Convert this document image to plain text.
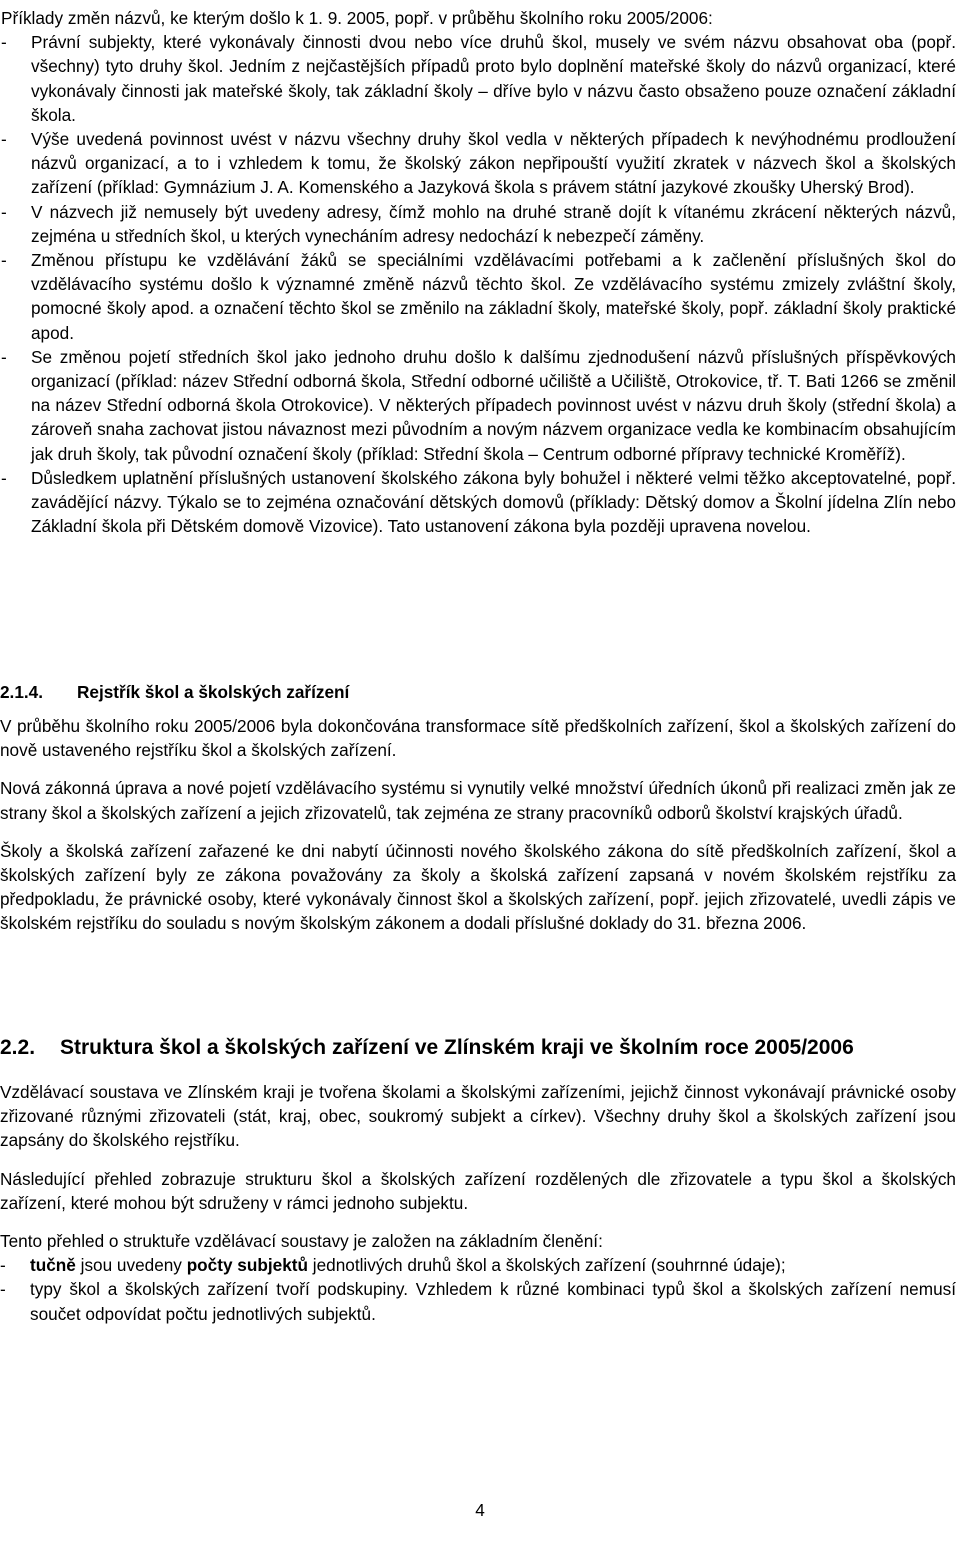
Příklady změn názvů, ke kterým došlo k 1. 9. 2005, popř. v průběhu školního roku 2005/2006:

- Právní subjekty, které vykonávaly činnosti dvou nebo více druhů škol, musely ve svém názvu obsahovat oba (popř. všechny) tyto druhy škol. Jedním z nejčastějších případů proto bylo doplnění mateřské školy do názvů organizací, které vykonávaly činnosti jak mateřské školy, tak základní školy – dříve bylo v názvu často obsaženo pouze označení základní škola.
- Výše uvedená povinnost uvést v názvu všechny druhy škol vedla v některých případech k nevýhodnému prodloužení názvů organizací, a to i vzhledem k tomu, že školský zákon nepřipouští využití zkratek v názvech škol a školských zařízení (příklad: Gymnázium J. A. Komenského a Jazyková škola s právem státní jazykové zkoušky Uherský Brod).
- V názvech již nemusely být uvedeny adresy, čímž mohlo na druhé straně dojít k vítanému zkrácení některých názvů, zejména u středních škol, u kterých vynecháním adresy nedochází k nebezpečí záměny.
- Změnou přístupu ke vzdělávání žáků se speciálními vzdělávacími potřebami a k začlenění příslušných škol do vzdělávacího systému došlo k významné změně názvů těchto škol. Ze vzdělávacího systému zmizely zvláštní školy, pomocné školy apod. a označení těchto škol se změnilo na základní školy, mateřské školy, popř. základní školy praktické apod.
- Se změnou pojetí středních škol jako jednoho druhu došlo k dalšímu zjednodušení názvů příslušných příspěvkových organizací (příklad: název Střední odborná škola, Střední odborné učiliště a Učiliště, Otrokovice, tř. T. Bati 1266 se změnil na název Střední odborná škola Otrokovice). V některých případech povinnost uvést v názvu druh školy (střední škola) a zároveň snaha zachovat jistou návaznost mezi původním a novým názvem organizace vedla ke kombinacím obsahujícím jak druh školy, tak původní označení školy (příklad: Střední škola – Centrum odborné přípravy technické Kroměříž).
- Důsledkem uplatnění příslušných ustanovení školského zákona byly bohužel i některé velmi těžko akceptovatelné, popř. zavádějící názvy. Týkalo se to zejména označování dětských domovů (příklady: Dětský domov a Školní jídelna Zlín nebo Základní škola při Dětském domově Vizovice). Tato ustanovení zákona byla později upravena novelou.
2.1.4. Rejstřík škol a školských zařízení

V průběhu školního roku 2005/2006 byla dokončována transformace sítě předškolních zařízení, škol a školských zařízení do nově ustaveného rejstříku škol a školských zařízení.

Nová zákonná úprava a nové pojetí vzdělávacího systému si vynutily velké množství úředních úkonů při realizaci změn jak ze strany škol a školských zařízení a jejich zřizovatelů, tak zejména ze strany pracovníků odborů školství krajských úřadů.

Školy a školská zařízení zařazené ke dni nabytí účinnosti nového školského zákona do sítě předškolních zařízení, škol a školských zařízení byly ze zákona považovány za školy a školská zařízení zapsaná v novém školském rejstříku za předpokladu, že právnické osoby, které vykonávaly činnost škol a školských zařízení, popř. jejich zřizovatelé, uvedli zápis ve školském rejstříku do souladu s novým školským zákonem a dodali příslušné doklady do 31. března 2006.

2.2. Struktura škol a školských zařízení ve Zlínském kraji ve školním roce 2005/2006

Vzdělávací soustava ve Zlínském kraji je tvořena školami a školskými zařízeními, jejichž činnost vykonávají právnické osoby zřizované různými zřizovateli (stát, kraj, obec, soukromý subjekt a církev). Všechny druhy škol a školských zařízení jsou zapsány do školského rejstříku.

Následující přehled zobrazuje strukturu škol a školských zařízení rozdělených dle zřizovatele a typu škol a školských zařízení, které mohou být sdruženy v rámci jednoho subjektu.

Tento přehled o struktuře vzdělávací soustavy je založen na základním členění:

- tučně jsou uvedeny počty subjektů jednotlivých druhů škol a školských zařízení (souhrnné údaje);
- typy škol a školských zařízení tvoří podskupiny. Vzhledem k různé kombinaci typů škol a školských zařízení nemusí součet odpovídat počtu jednotlivých subjektů.
4
